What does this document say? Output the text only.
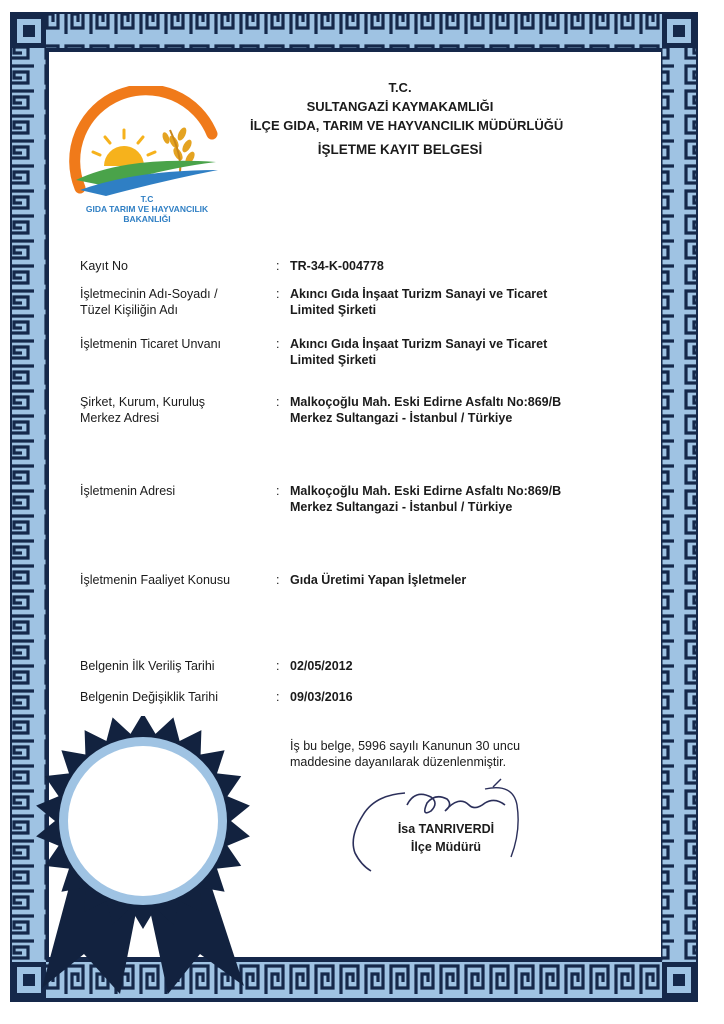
T.C
GIDA TARIM VE HAYVANCILIK
BAKANLIĞI
T.C.
SULTANGAZİ KAYMAKAMLIĞI
İLÇE GIDA, TARIM VE HAYVANCILIK MÜDÜRLÜĞÜ
İŞLETME KAYIT BELGESİ
Kayıt No	: TR-34-K-004778
İşletmecinin Adı-Soyadı /
Tüzel Kişiliğin Adı
: Akıncı Gıda İnşaat Turizm Sanayi ve Ticaret
Limited Şirketi
İşletmenin Ticaret Unvanı	: Akıncı Gıda İnşaat Turizm Sanayi ve Ticaret
Limited Şirketi
Şirket, Kurum, Kuruluş
Merkez Adresi
: Malkoçoğlu Mah. Eski Edirne Asfaltı No:869/B
Merkez Sultangazi - İstanbul / Türkiye
İşletmenin Adresi	: Malkoçoğlu Mah. Eski Edirne Asfaltı No:869/B
Merkez Sultangazi - İstanbul / Türkiye
İşletmenin Faaliyet Konusu	: Gıda Üretimi Yapan İşletmeler
Belgenin İlk Veriliş Tarihi	: 02/05/2012
Belgenin Değişiklik Tarihi	: 09/03/2016
İş bu belge, 5996 sayılı Kanunun 30 uncu
maddesine dayanılarak düzenlenmiştir.
İsa TANRIVERDİ
İlçe Müdürü
